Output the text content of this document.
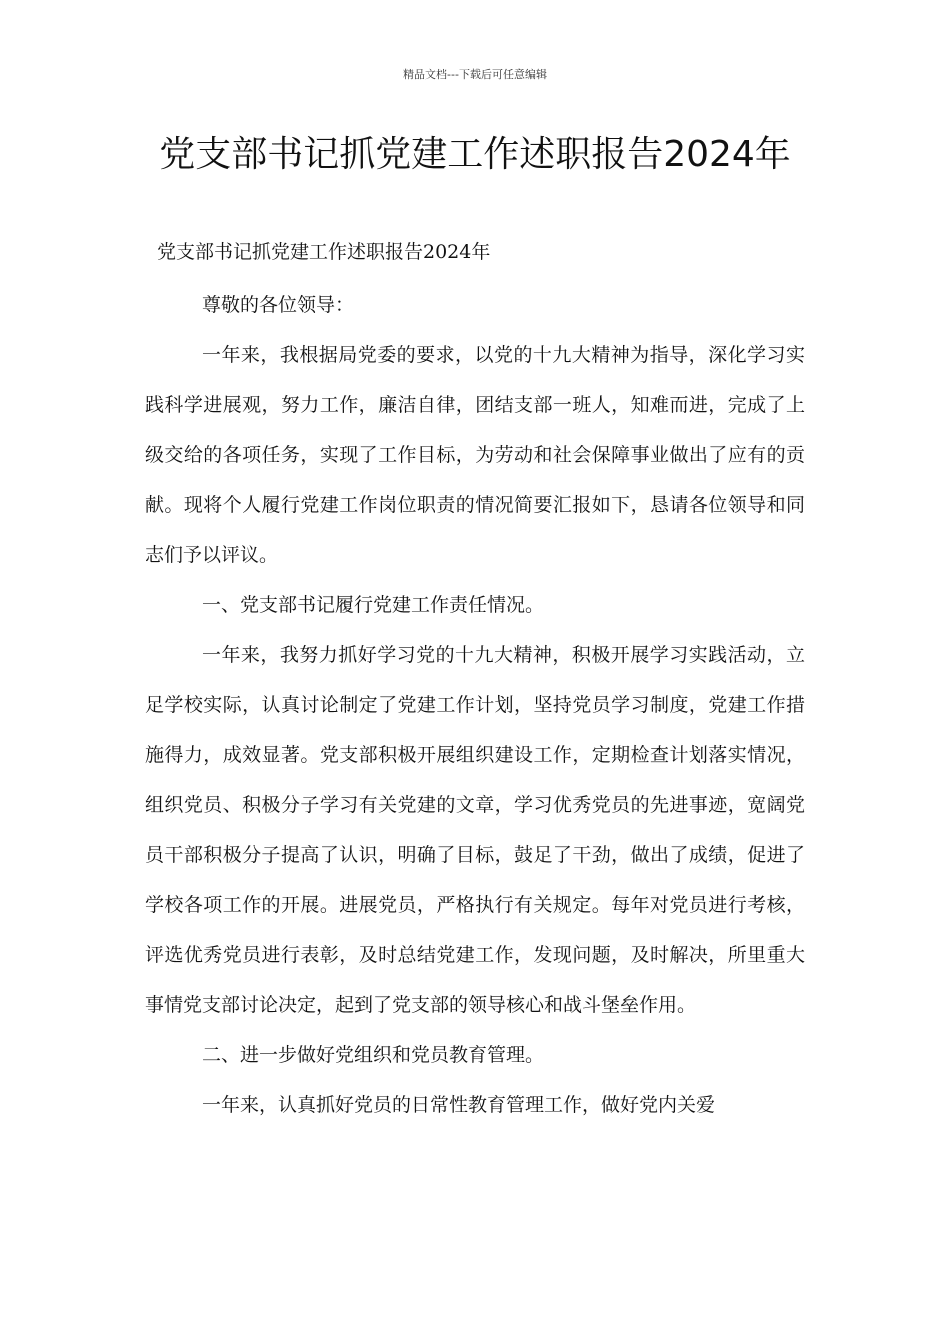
精品文档---下载后可任意编辑
党支部书记抓党建工作述职报告2024年
党支部书记抓党建工作述职报告2024年

尊敬的各位领导：

一年来，我根据局党委的要求，以党的十九大精神为指导，深化学习实践科学进展观，努力工作，廉洁自律，团结支部一班人，知难而进，完成了上级交给的各项任务，实现了工作目标，为劳动和社会保障事业做出了应有的贡献。现将个人履行党建工作岗位职责的情况简要汇报如下，恳请各位领导和同志们予以评议。

一、党支部书记履行党建工作责任情况。

一年来，我努力抓好学习党的十九大精神，积极开展学习实践活动，立足学校实际，认真讨论制定了党建工作计划，坚持党员学习制度，党建工作措施得力，成效显著。党支部积极开展组织建设工作，定期检查计划落实情况，组织党员、积极分子学习有关党建的文章，学习优秀党员的先进事迹，宽阔党员干部积极分子提高了认识，明确了目标，鼓足了干劲，做出了成绩，促进了学校各项工作的开展。进展党员，严格执行有关规定。每年对党员进行考核，评选优秀党员进行表彰，及时总结党建工作，发现问题，及时解决，所里重大事情党支部讨论决定，起到了党支部的领导核心和战斗堡垒作用。

二、进一步做好党组织和党员教育管理。

一年来，认真抓好党员的日常性教育管理工作，做好党内关爱
